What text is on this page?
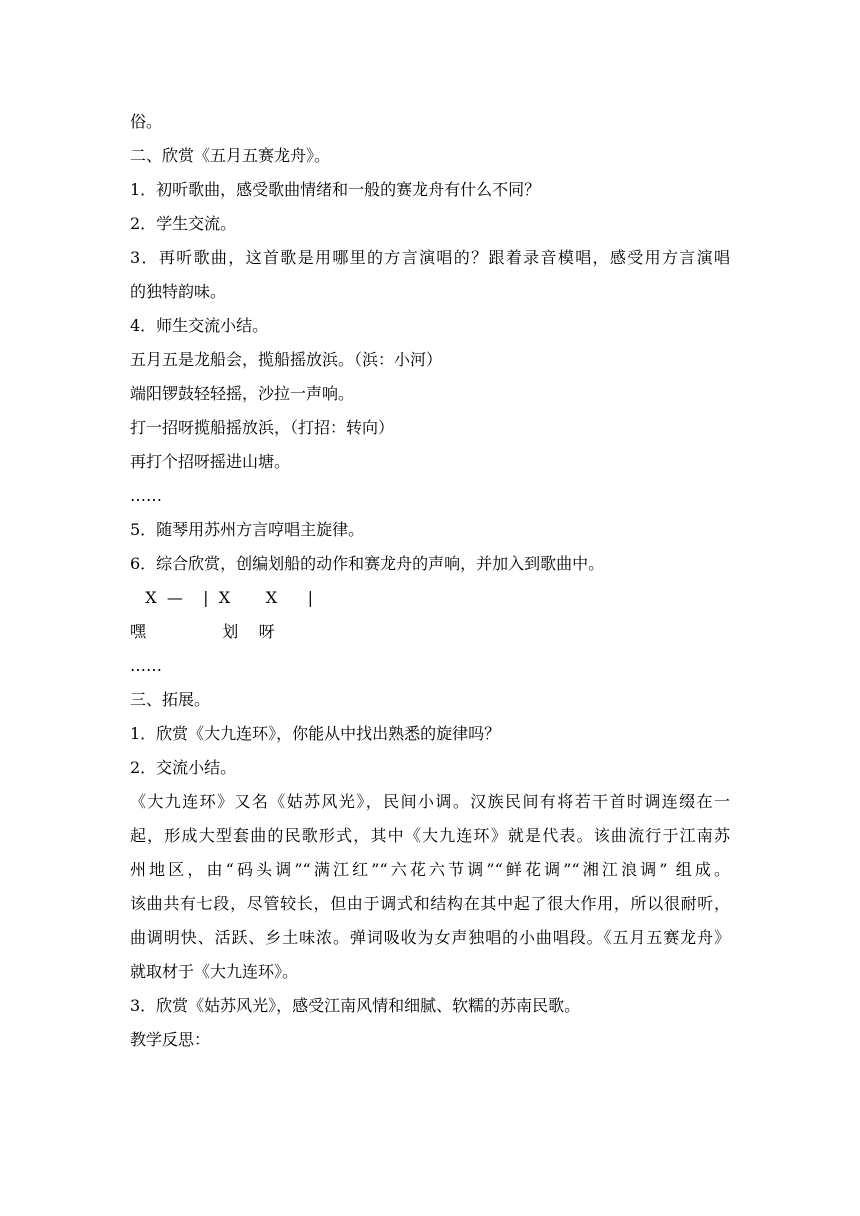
俗。
二、欣赏《五月五赛龙舟》。
1．初听歌曲，感受歌曲情绪和一般的赛龙舟有什么不同？
2．学生交流。
3．再听歌曲，这首歌是用哪里的方言演唱的？跟着录音模唱，感受用方言演唱
的独特韵味。
4．师生交流小结。
五月五是龙船会，揽船摇放浜。（浜：小河）
端阳锣鼓轻轻摇，沙拉一声响。
打一招呀揽船摇放浜，（打招：转向）
再打个招呀摇进山塘。
……
5．随琴用苏州方言哼唱主旋律。
6．综合欣赏，创编划船的动作和赛龙舟的声响，并加入到歌曲中。
X  —    |  X       X      |
嘿               划    呀
……
三、拓展。
1．欣赏《大九连环》，你能从中找出熟悉的旋律吗？
2．交流小结。
《大九连环》又名《姑苏风光》，民间小调。汉族民间有将若干首时调连缀在一
起，形成大型套曲的民歌形式，其中《大九连环》就是代表。该曲流行于江南苏
州地区，由“码头调”“满江红”“六花六节调”“鲜花调”“湘江浪调” 组成。
该曲共有七段，尽管较长，但由于调式和结构在其中起了很大作用，所以很耐听，
曲调明快、活跃、乡土味浓。弹词吸收为女声独唱的小曲唱段。《五月五赛龙舟》
就取材于《大九连环》。
3．欣赏《姑苏风光》，感受江南风情和细腻、软糯的苏南民歌。
教学反思：
